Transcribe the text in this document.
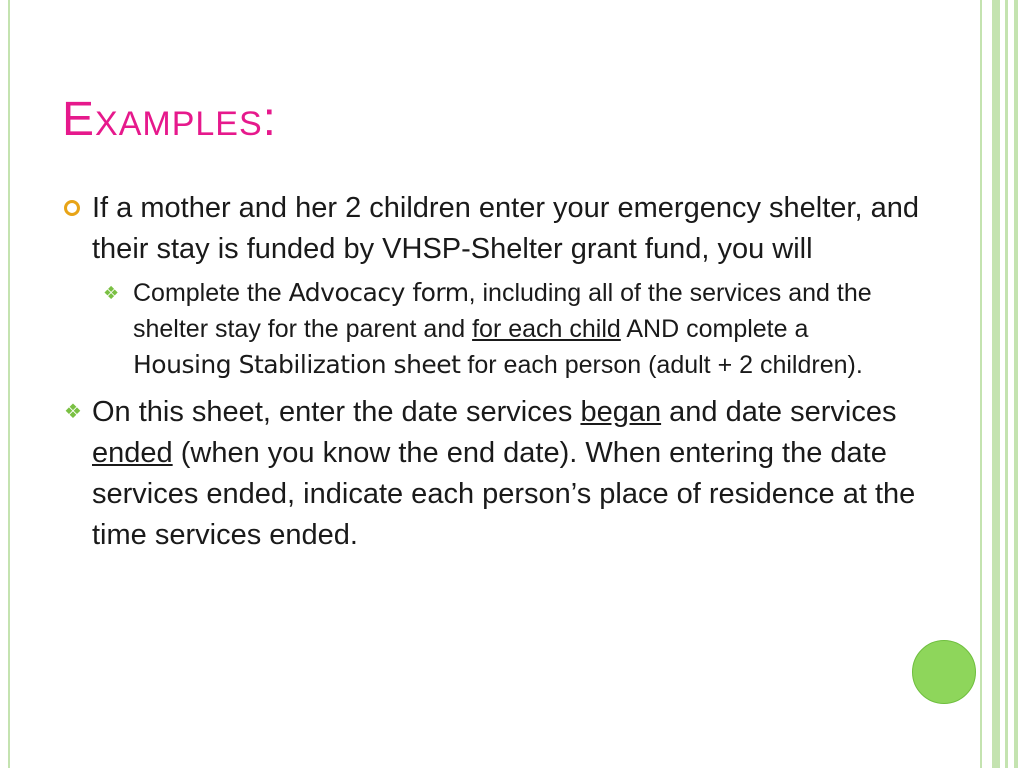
Examples:
If a mother and her 2 children enter your emergency shelter, and their stay is funded by VHSP-Shelter grant fund, you will
❖ Complete the Advocacy form, including all of the services and the shelter stay for the parent and for each child AND complete a Housing Stabilization sheet for each person (adult + 2 children).
❖ On this sheet, enter the date services began and date services ended (when you know the end date). When entering the date services ended, indicate each person’s place of residence at the time services ended.
